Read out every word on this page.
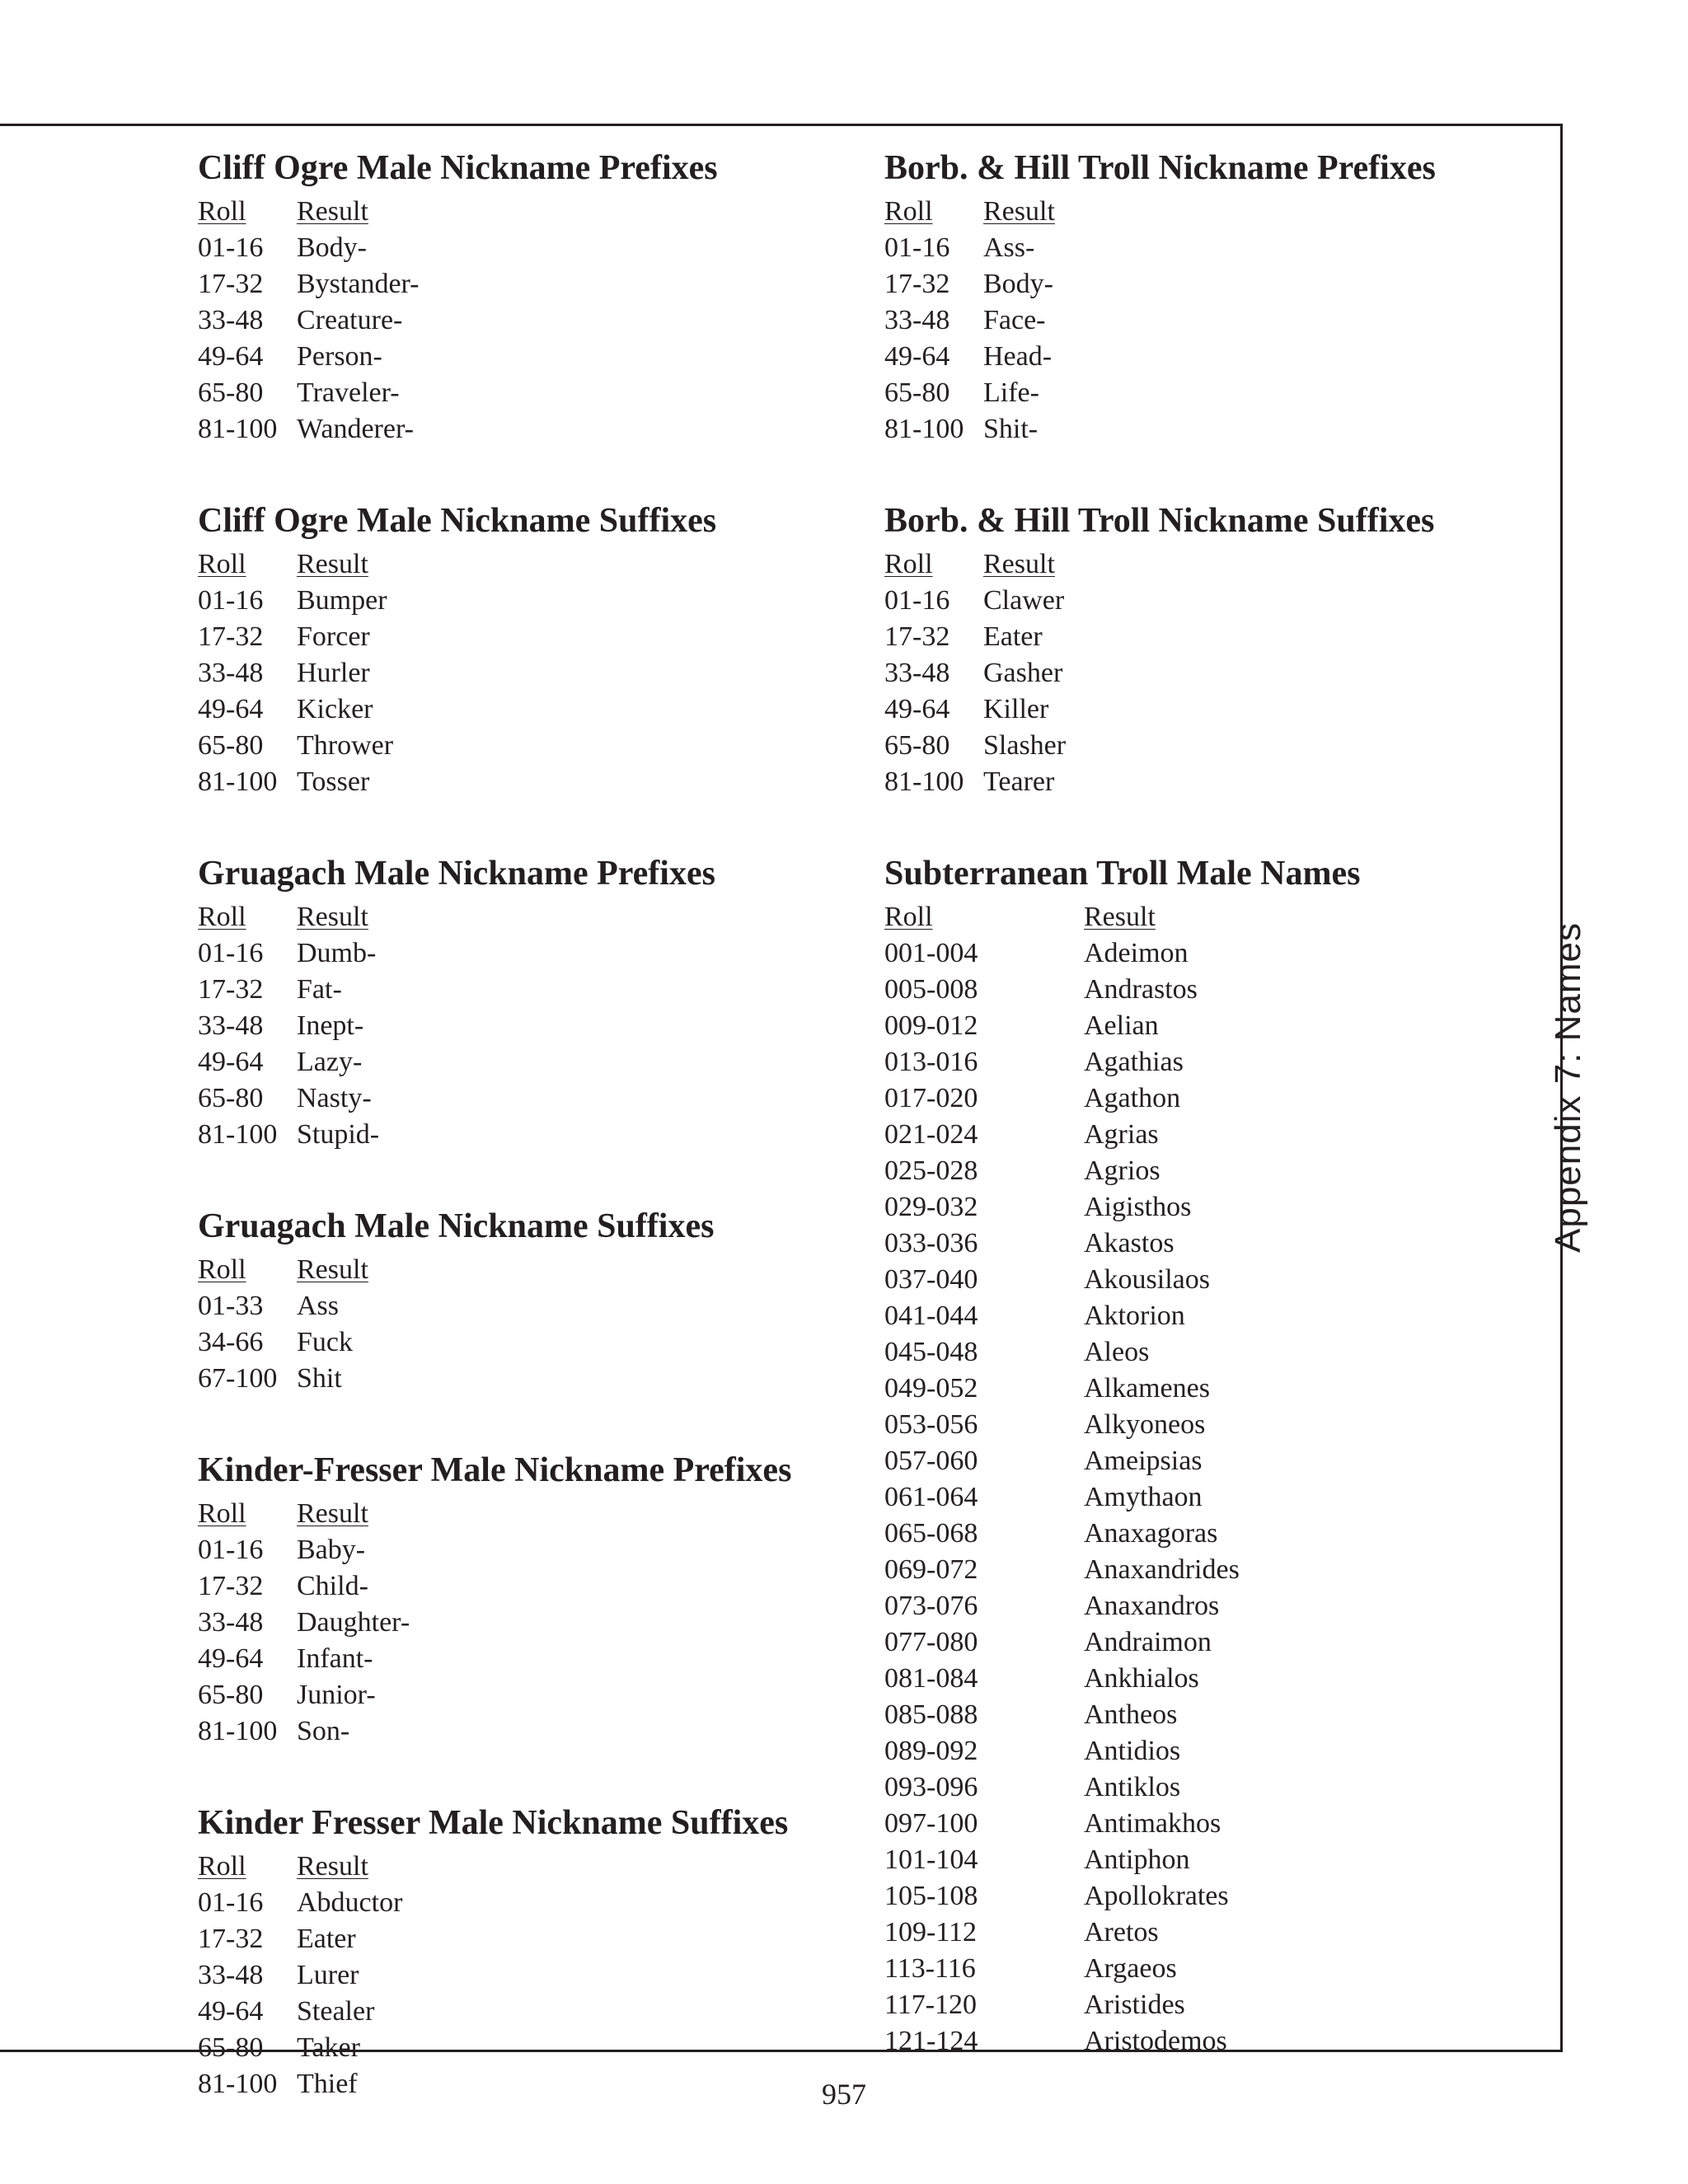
Cliff Ogre Male Nickname Prefixes
Roll	Result
01-16	Body-
17-32	Bystander-
33-48	Creature-
49-64	Person-
65-80	Traveler-
81-100 Wanderer-
Cliff Ogre Male Nickname Suffixes
Roll	Result
01-16	Bumper
17-32	Forcer
33-48	Hurler
49-64	Kicker
65-80	Thrower
81-100 Tosser
Gruagach Male Nickname Prefixes
Roll	Result
01-16	Dumb-
17-32	Fat-
33-48	Inept-
49-64	Lazy-
65-80	Nasty-
81-100 Stupid-
Gruagach Male Nickname Suffixes
Roll	Result
01-33	Ass
34-66	Fuck
67-100 Shit
Kinder-Fresser Male Nickname Prefixes
Roll	Result
01-16	Baby-
17-32	Child-
33-48	Daughter-
49-64	Infant-
65-80	Junior-
81-100 Son-
Kinder Fresser Male Nickname Suffixes
Roll	Result
01-16	Abductor
17-32	Eater
33-48	Lurer
49-64	Stealer
65-80	Taker
81-100 Thief
Borb. & Hill Troll Nickname Prefixes
Roll	Result
01-16	Ass-
17-32	Body-
33-48	Face-
49-64	Head-
65-80	Life-
81-100 Shit-
Borb. & Hill Troll Nickname Suffixes
Roll	Result
01-16	Clawer
17-32	Eater
33-48	Gasher
49-64	Killer
65-80	Slasher
81-100 Tearer
Subterranean Troll Male Names
Roll	Result
001-004	Adeimon
005-008	Andrastos
009-012	Aelian
013-016	Agathias
017-020	Agathon
021-024	Agrias
025-028	Agrios
029-032	Aigisthos
033-036	Akastos
037-040	Akousilaos
041-044	Aktorion
045-048	Aleos
049-052	Alkamenes
053-056	Alkyoneos
057-060	Ameipsias
061-064	Amythaon
065-068	Anaxagoras
069-072	Anaxandrides
073-076	Anaxandros
077-080	Andraimon
081-084	Ankhialos
085-088	Antheos
089-092	Antidios
093-096	Antiklos
097-100	Antimakhos
101-104	Antiphon
105-108	Apollokrates
109-112	Aretos
113-116	Argaeos
117-120	Aristides
121-124	Aristodemos
Appendix 7: Names
957
